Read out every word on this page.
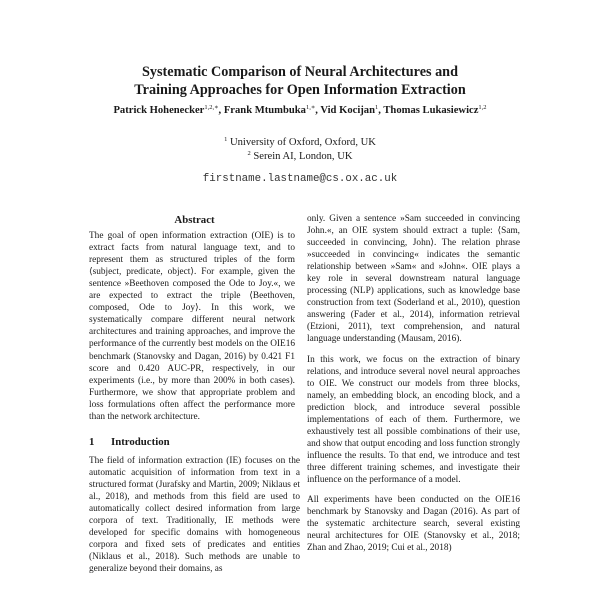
Systematic Comparison of Neural Architectures and
Training Approaches for Open Information Extraction
Patrick Hohenecker$^{1,2,∗}$, Frank Mtumbuka$^{1,∗}$, Vid Kocijan$^1$, Thomas Lukasiewicz$^{1,2}$
$^1$ University of Oxford, Oxford, UK
$^2$ Serein AI, London, UK
firstname.lastname@cs.ox.ac.uk
Abstract

The goal of open information extraction (OIE) is to extract facts from natural language text, and to represent them as structured triples of the form ⟨subject, predicate, object⟩. For example, given the sentence »Beethoven composed the Ode to Joy.«, we are expected to extract the triple ⟨Beethoven, composed, Ode to Joy⟩. In this work, we systematically compare different neural network architectures and training approaches, and improve the performance of the currently best models on the OIE16 benchmark (Stanovsky and Dagan, 2016) by 0.421 F1 score and 0.420 AUC-PR, respectively, in our experiments (i.e., by more than 200% in both cases). Furthermore, we show that appropriate problem and loss formulations often affect the performance more than the network architecture.

1 Introduction

The field of information extraction (IE) focuses on the automatic acquisition of information from text in a structured format (Jurafsky and Martin, 2009; Niklaus et al., 2018), and methods from this field are used to automatically collect desired information from large corpora of text. Traditionally, IE methods were developed for specific domains with homogeneous corpora and fixed sets of predicates and entities (Niklaus et al., 2018). Such methods are unable to generalize beyond their domains, as

only. Given a sentence »Sam succeeded in convincing John.«, an OIE system should extract a tuple: ⟨Sam, succeeded in convincing, John⟩. The relation phrase »succeeded in convincing« indicates the semantic relationship between »Sam« and »John«. OIE plays a key role in several downstream natural language processing (NLP) applications, such as knowledge base construction from text (Soderland et al., 2010), question answering (Fader et al., 2014), information retrieval (Etzioni, 2011), text comprehension, and natural language understanding (Mausam, 2016).

In this work, we focus on the extraction of binary relations, and introduce several novel neural approaches to OIE. We construct our models from three blocks, namely, an embedding block, an encoding block, and a prediction block, and introduce several possible implementations of each of them. Furthermore, we exhaustively test all possible combinations of their use, and show that output encoding and loss function strongly influence the results. To that end, we introduce and test three different training schemes, and investigate their influence on the performance of a model.

All experiments have been conducted on the OIE16 benchmark by Stanovsky and Dagan (2016). As part of the systematic architecture search, several existing neural architectures for OIE (Stanovsky et al., 2018; Zhan and Zhao, 2019; Cui et al., 2018)
